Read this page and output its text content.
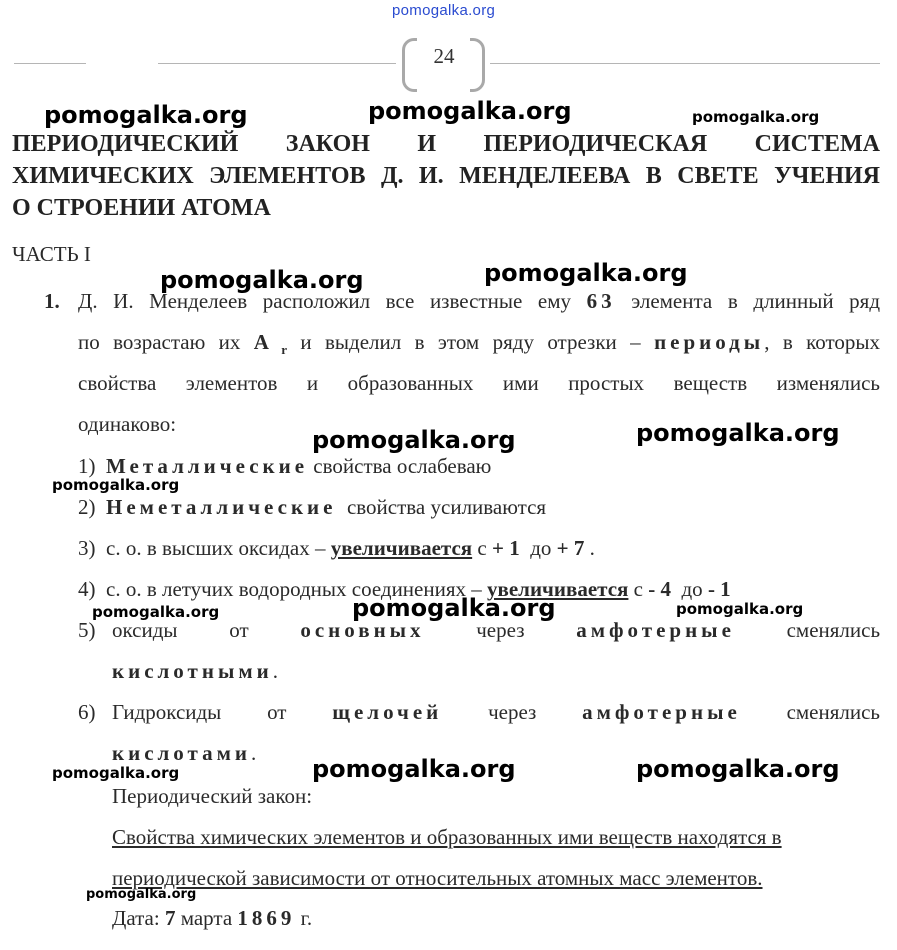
pomogalka.org
24
ПЕРИОДИЧЕСКИЙ ЗАКОН И ПЕРИОДИЧЕСКАЯ СИСТЕМА
ХИМИЧЕСКИХ ЭЛЕМЕНТОВ Д. И. МЕНДЕЛЕЕВА В СВЕТЕ УЧЕНИЯ
О СТРОЕНИИ АТОМА
ЧАСТЬ I
1. Д. И. Менделеев расположил все известные ему 63 элемента в длинный ряд
по возрастаю их A $_r$ и выделил в этом ряду отрезки – периоды, в которых
свойства элементов и образованных ими простых веществ изменялись
одинаково:
1) Металлические свойства ослабеваю
2) Неметаллические свойства усиливаются
3) с. о. в высших оксидах – увеличивается с + 1 до + 7 .
4) с. о. в летучих водородных соединениях – увеличивается с - 4 до - 1
5) оксиды от основных через амфотерные сменялись
кислотными.
6) Гидроксиды от щелочей через амфотерные сменялись
кислотами.
Периодический закон:
Свойства химических элементов и образованных ими веществ находятся в
периодической зависимости от относительных атомных масс элементов.
Дата: 7 марта 1869 г.
pomogalka.org	pomogalka.org	pomogalka.org
pomogalka.org	pomogalka.org
pomogalka.org	pomogalka.org
pomogalka.org
pomogalka.org	pomogalka.org	pomogalka.org
pomogalka.org	pomogalka.org	pomogalka.org
pomogalka.org
